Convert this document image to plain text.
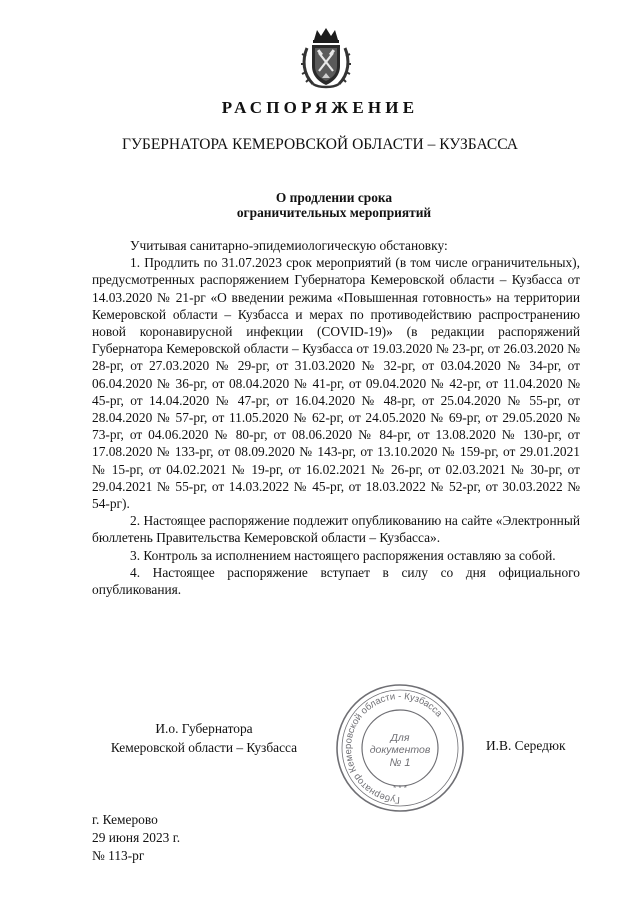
РАСПОРЯЖЕНИЕ
ГУБЕРНАТОРА КЕМЕРОВСКОЙ ОБЛАСТИ – КУЗБАССА
О продлении срока
ограничительных мероприятий

Учитывая санитарно-эпидемиологическую обстановку:

1. Продлить по 31.07.2023 срок мероприятий (в том числе ограничительных), предусмотренных распоряжением Губернатора Кемеровской области – Кузбасса от 14.03.2020 № 21-рг «О введении режима «Повышенная готовность» на территории Кемеровской области – Кузбасса и мерах по противодействию распространению новой коронавирусной инфекции (COVID-19)» (в редакции распоряжений Губернатора Кемеровской области – Кузбасса от 19.03.2020 № 23-рг, от 26.03.2020 № 28-рг, от 27.03.2020 № 29-рг, от 31.03.2020 № 32-рг, от 03.04.2020 № 34-рг, от 06.04.2020 № 36-рг, от 08.04.2020 № 41-рг, от 09.04.2020 № 42-рг, от 11.04.2020 № 45-рг, от 14.04.2020 № 47-рг, от 16.04.2020 № 48-рг, от 25.04.2020 № 55-рг, от 28.04.2020 № 57-рг, от 11.05.2020 № 62-рг, от 24.05.2020 № 69-рг, от 29.05.2020 № 73-рг, от 04.06.2020 № 80-рг, от 08.06.2020 № 84-рг, от 13.08.2020 № 130-рг, от 17.08.2020 № 133-рг, от 08.09.2020 № 143-рг, от 13.10.2020 № 159-рг, от 29.01.2021 № 15-рг, от 04.02.2021 № 19-рг, от 16.02.2021 № 26-рг, от 02.03.2021 № 30-рг, от 29.04.2021 № 55-рг, от 14.03.2022 № 45-рг, от 18.03.2022 № 52-рг, от 30.03.2022 № 54-рг).

2. Настоящее распоряжение подлежит опубликованию на сайте «Электронный бюллетень Правительства Кемеровской области – Кузбасса».

3. Контроль за исполнением настоящего распоряжения оставляю за собой.

4. Настоящее распоряжение вступает в силу со дня официального опубликования.

И.о. Губернатора
Кемеровской области – Кузбасса	И.В. Середюк
Губернатор Кемеровской области - Кузбасса
* * *
Для
документов
№ 1
г. Кемерово
29 июня 2023 г.
№ 113-рг
